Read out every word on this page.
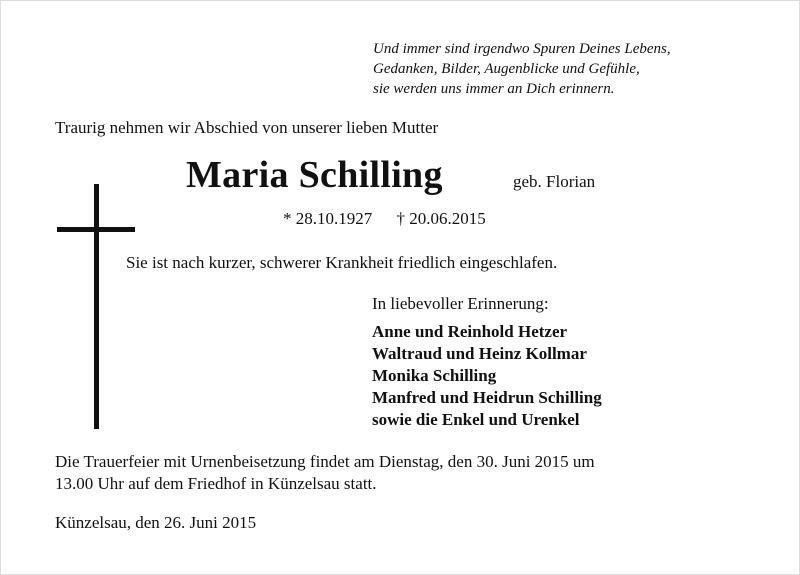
Und immer sind irgendwo Spuren Deines Lebens,
Gedanken, Bilder, Augenblicke und Gefühle,
sie werden uns immer an Dich erinnern.
Traurig nehmen wir Abschied von unserer lieben Mutter
Maria Schilling	geb. Florian
* 28.10.1927 † 20.06.2015
Sie ist nach kurzer, schwerer Krankheit friedlich eingeschlafen.
In liebevoller Erinnerung:
Anne und Reinhold Hetzer
Waltraud und Heinz Kollmar
Monika Schilling
Manfred und Heidrun Schilling
sowie die Enkel und Urenkel
Die Trauerfeier mit Urnenbeisetzung findet am Dienstag, den 30. Juni 2015 um
13.00 Uhr auf dem Friedhof in Künzelsau statt.
Künzelsau, den 26. Juni 2015
